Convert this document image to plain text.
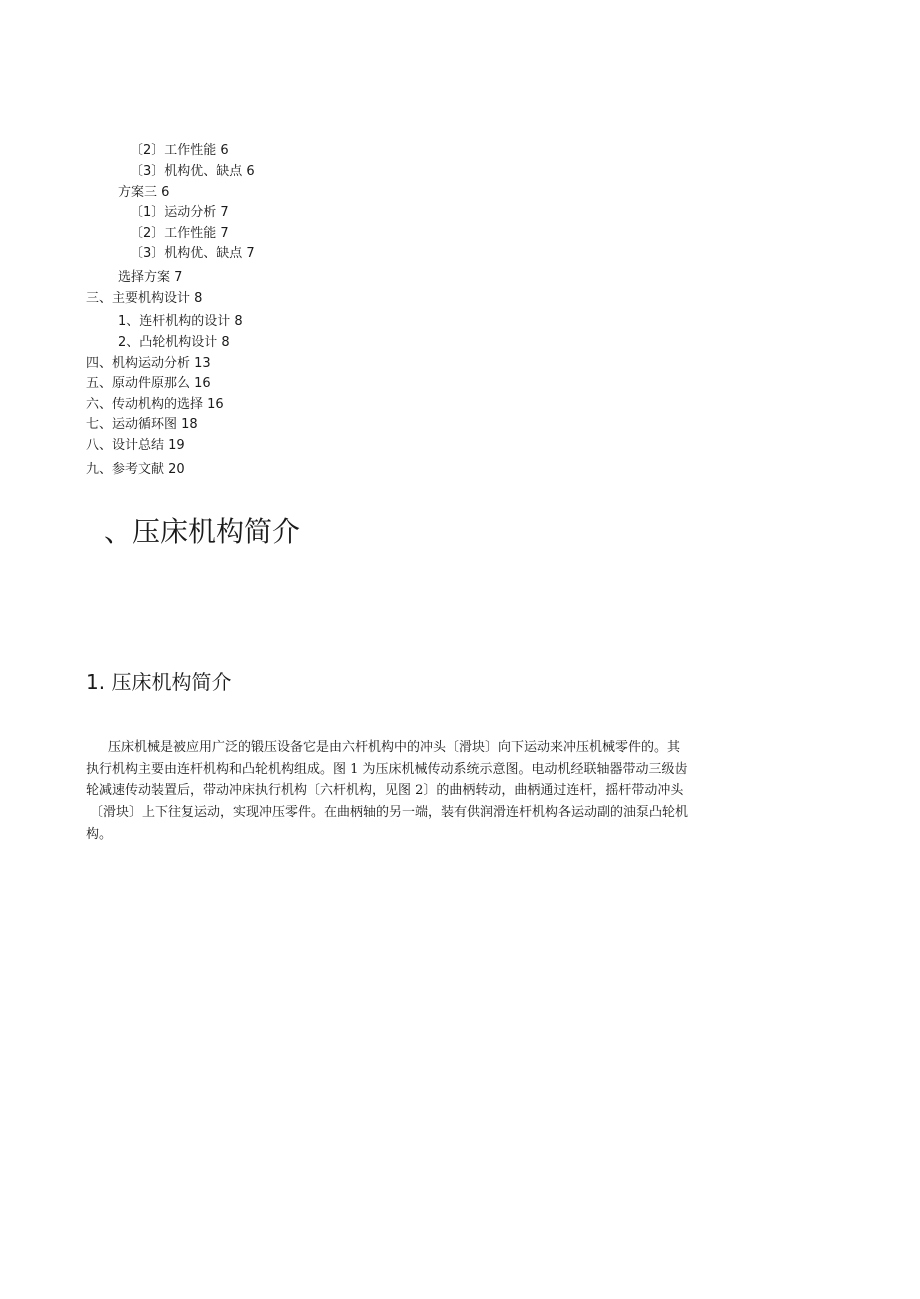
〔2〕工作性能 6
〔3〕机构优、缺点 6
方案三 6
〔1〕运动分析 7
〔2〕工作性能 7
〔3〕机构优、缺点 7
选择方案 7
三、主要机构设计 8
1、连杆机构的设计 8
2、凸轮机构设计 8
四、机构运动分析 13
五、原动件原那么 16
六、传动机构的选择 16
七、运动循环图 18
八、设计总结 19
九、参考文献 20
、压床机构简介
1. 压床机构简介
压床机械是被应用广泛的锻压设备它是由六杆机构中的冲头〔滑块〕向下运动来冲压机械零件的。其
执行机构主要由连杆机构和凸轮机构组成。图 1 为压床机械传动系统示意图。电动机经联轴器带动三级齿
轮减速传动装置后，带动冲床执行机构〔六杆机构，见图 2〕的曲柄转动，曲柄通过连杆，摇杆带动冲头
〔滑块〕上下往复运动，实现冲压零件。在曲柄轴的另一端，装有供润滑连杆机构各运动副的油泵凸轮机
构。
